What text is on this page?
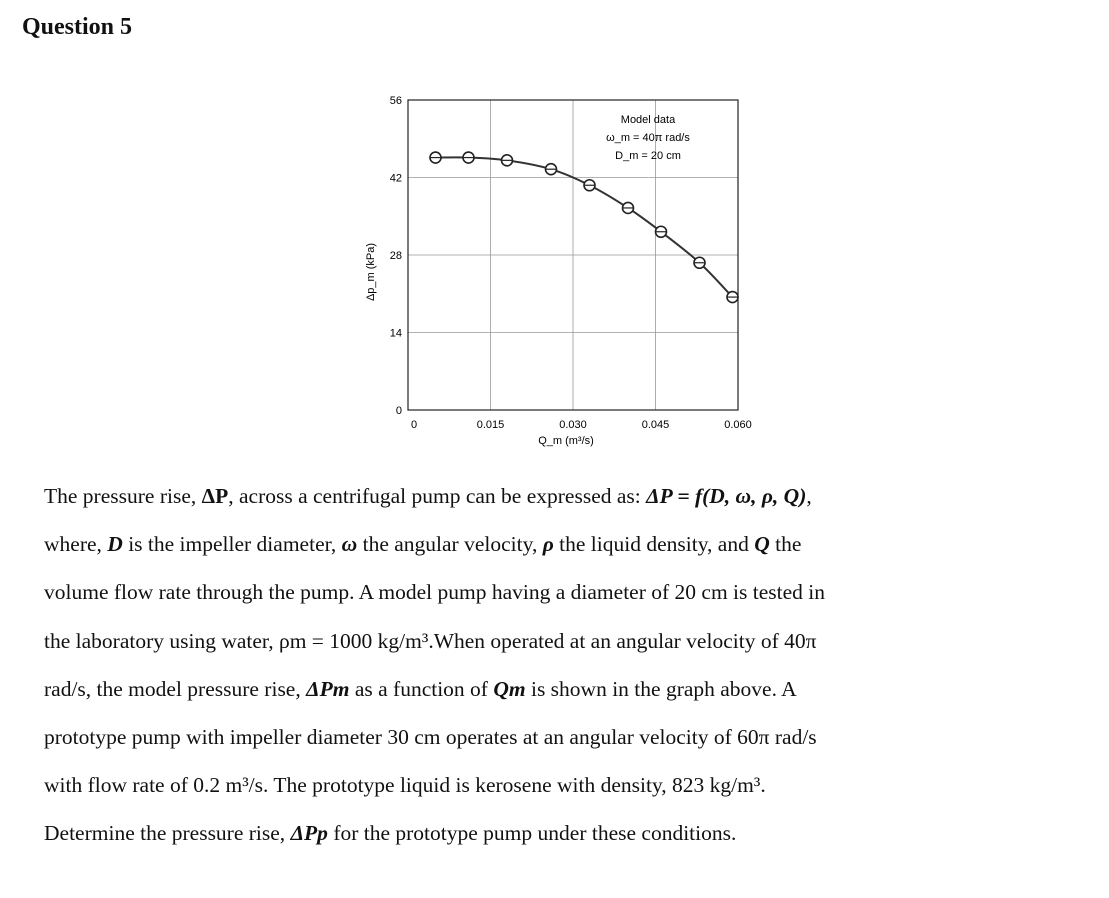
Question 5
0	0.015	0.030	0.045	0.060
0
14
28
42
56
Q_m (m³/s)
Δp_m (kPa)
Model data
ω_m = 40π rad/s
D_m = 20 cm

The pressure rise, ΔP, across a centrifugal pump can be expressed as: ΔP = f(D, ω, ρ, Q),

where, D is the impeller diameter, ω the angular velocity, ρ the liquid density, and Q the

volume flow rate through the pump. A model pump having a diameter of 20 cm is tested in

the laboratory using water, ρm = 1000 kg/m³.When operated at an angular velocity of 40π

rad/s, the model pressure rise, ΔPm as a function of Qm is shown in the graph above. A

prototype pump with impeller diameter 30 cm operates at an angular velocity of 60π rad/s

with flow rate of 0.2 m³/s. The prototype liquid is kerosene with density, 823 kg/m³.

Determine the pressure rise, ΔPp for the prototype pump under these conditions.
